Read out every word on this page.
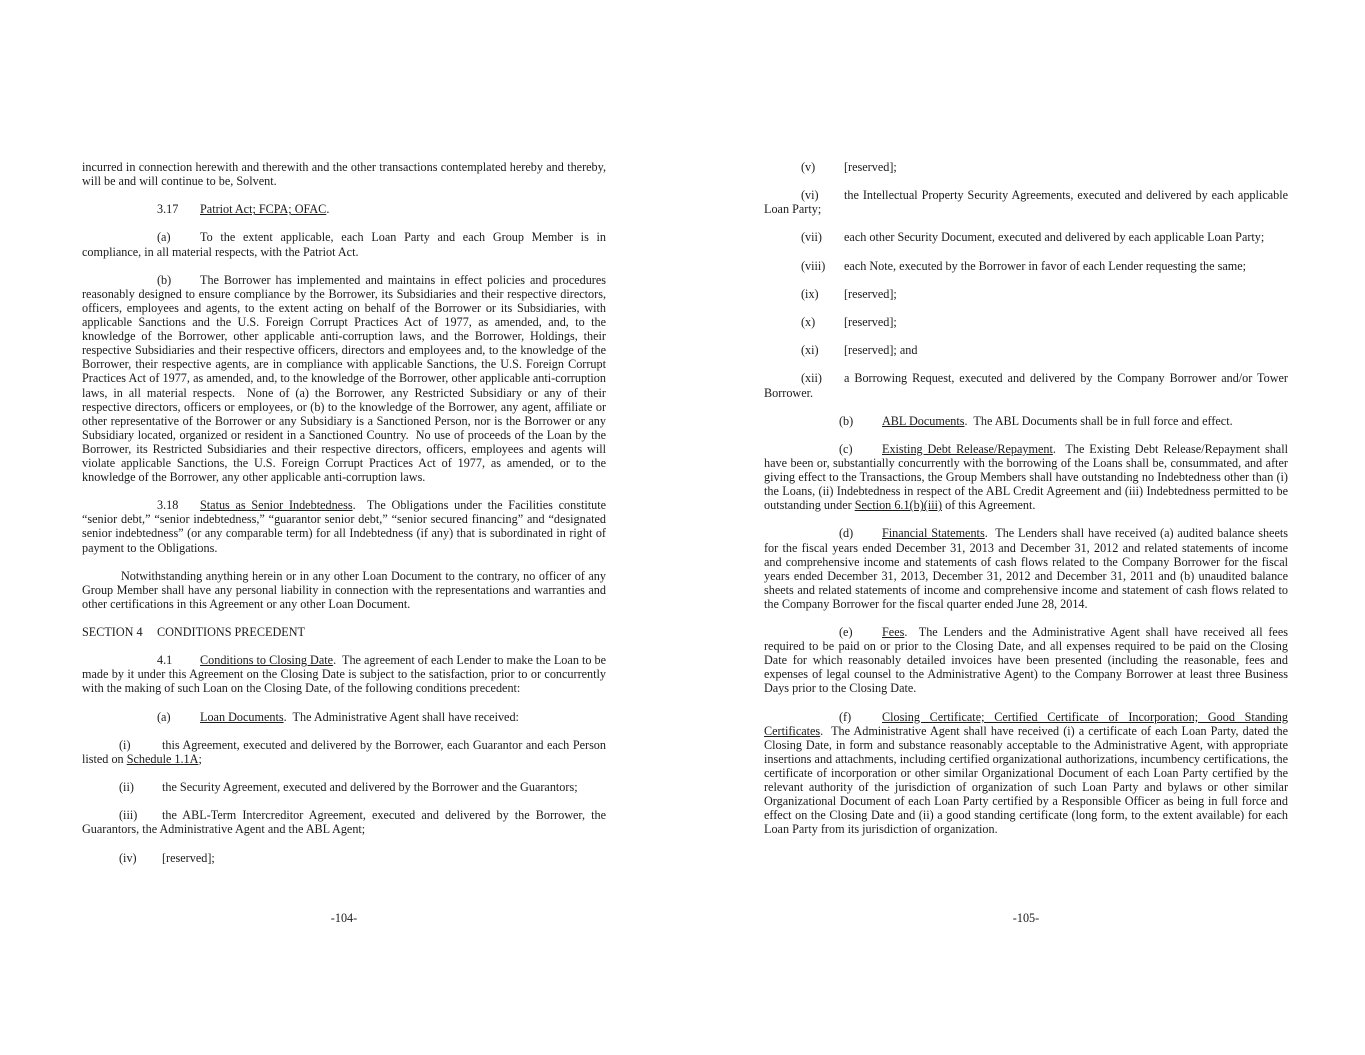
incurred in connection herewith and therewith and the other transactions contemplated hereby and thereby, will be and will continue to be, Solvent.

3.17 Patriot Act; FCPA; OFAC.

(a) To the extent applicable, each Loan Party and each Group Member is in compliance, in all material respects, with the Patriot Act.

(b) The Borrower has implemented and maintains in effect policies and procedures reasonably designed to ensure compliance by the Borrower, its Subsidiaries and their respective directors, officers, employees and agents, to the extent acting on behalf of the Borrower or its Subsidiaries, with applicable Sanctions and the U.S. Foreign Corrupt Practices Act of 1977, as amended, and, to the knowledge of the Borrower, other applicable anti-corruption laws, and the Borrower, Holdings, their respective Subsidiaries and their respective officers, directors and employees and, to the knowledge of the Borrower, their respective agents, are in compliance with applicable Sanctions, the U.S. Foreign Corrupt Practices Act of 1977, as amended, and, to the knowledge of the Borrower, other applicable anti-corruption laws, in all material respects.  None of (a) the Borrower, any Restricted Subsidiary or any of their respective directors, officers or employees, or (b) to the knowledge of the Borrower, any agent, affiliate or other representative of the Borrower or any Subsidiary is a Sanctioned Person, nor is the Borrower or any Subsidiary located, organized or resident in a Sanctioned Country.  No use of proceeds of the Loan by the Borrower, its Restricted Subsidiaries and their respective directors, officers, employees and agents will violate applicable Sanctions, the U.S. Foreign Corrupt Practices Act of 1977, as amended, or to the knowledge of the Borrower, any other applicable anti-corruption laws.

3.18 Status as Senior Indebtedness.  The Obligations under the Facilities constitute “senior debt,” “senior indebtedness,” “guarantor senior debt,” “senior secured financing” and “designated senior indebtedness” (or any comparable term) for all Indebtedness (if any) that is subordinated in right of payment to the Obligations.

Notwithstanding anything herein or in any other Loan Document to the contrary, no officer of any Group Member shall have any personal liability in connection with the representations and warranties and other certifications in this Agreement or any other Loan Document.

SECTION 4 CONDITIONS PRECEDENT

4.1 Conditions to Closing Date.  The agreement of each Lender to make the Loan to be made by it under this Agreement on the Closing Date is subject to the satisfaction, prior to or concurrently with the making of such Loan on the Closing Date, of the following conditions precedent:

(a) Loan Documents.  The Administrative Agent shall have received:

(i)	this Agreement, executed and delivered by the Borrower, each Guarantor and each Person listed on Schedule 1.1A;

(ii) the Security Agreement, executed and delivered by the Borrower and the Guarantors;

(iii) the ABL-Term Intercreditor Agreement, executed and delivered by the Borrower, the Guarantors, the Administrative Agent and the ABL Agent;

(iv) [reserved];

(v) [reserved];

(vi) the Intellectual Property Security Agreements, executed and delivered by each applicable Loan Party;

(vii) each other Security Document, executed and delivered by each applicable Loan Party;

(viii) each Note, executed by the Borrower in favor of each Lender requesting the same;

(ix) [reserved];

(x) [reserved];

(xi) [reserved]; and

(xii) a Borrowing Request, executed and delivered by the Company Borrower and/or Tower Borrower.

(b) ABL Documents.  The ABL Documents shall be in full force and effect.

(c) Existing Debt Release/Repayment.  The Existing Debt Release/Repayment shall have been or, substantially concurrently with the borrowing of the Loans shall be, consummated, and after giving effect to the Transactions, the Group Members shall have outstanding no Indebtedness other than (i) the Loans, (ii) Indebtedness in respect of the ABL Credit Agreement and (iii) Indebtedness permitted to be outstanding under Section 6.1(b)(iii) of this Agreement.

(d) Financial Statements.  The Lenders shall have received (a) audited balance sheets for the fiscal years ended December 31, 2013 and December 31, 2012 and related statements of income and comprehensive income and statements of cash flows related to the Company Borrower for the fiscal years ended December 31, 2013, December 31, 2012 and December 31, 2011 and (b) unaudited balance sheets and related statements of income and comprehensive income and statement of cash flows related to the Company Borrower for the fiscal quarter ended June 28, 2014.

(e) Fees.  The Lenders and the Administrative Agent shall have received all fees required to be paid on or prior to the Closing Date, and all expenses required to be paid on the Closing Date for which reasonably detailed invoices have been presented (including the reasonable, fees and expenses of legal counsel to the Administrative Agent) to the Company Borrower at least three Business Days prior to the Closing Date.

(f)	Closing Certificate; Certified Certificate of Incorporation; Good Standing Certificates.  The Administrative Agent shall have received (i) a certificate of each Loan Party, dated the Closing Date, in form and substance reasonably acceptable to the Administrative Agent, with appropriate insertions and attachments, including certified organizational authorizations, incumbency certifications, the certificate of incorporation or other similar Organizational Document of each Loan Party certified by the relevant authority of the jurisdiction of organization of such Loan Party and bylaws or other similar Organizational Document of each Loan Party certified by a Responsible Officer as being in full force and effect on the Closing Date and (ii) a good standing certificate (long form, to the extent available) for each Loan Party from its jurisdiction of organization.

-104-	-105-
